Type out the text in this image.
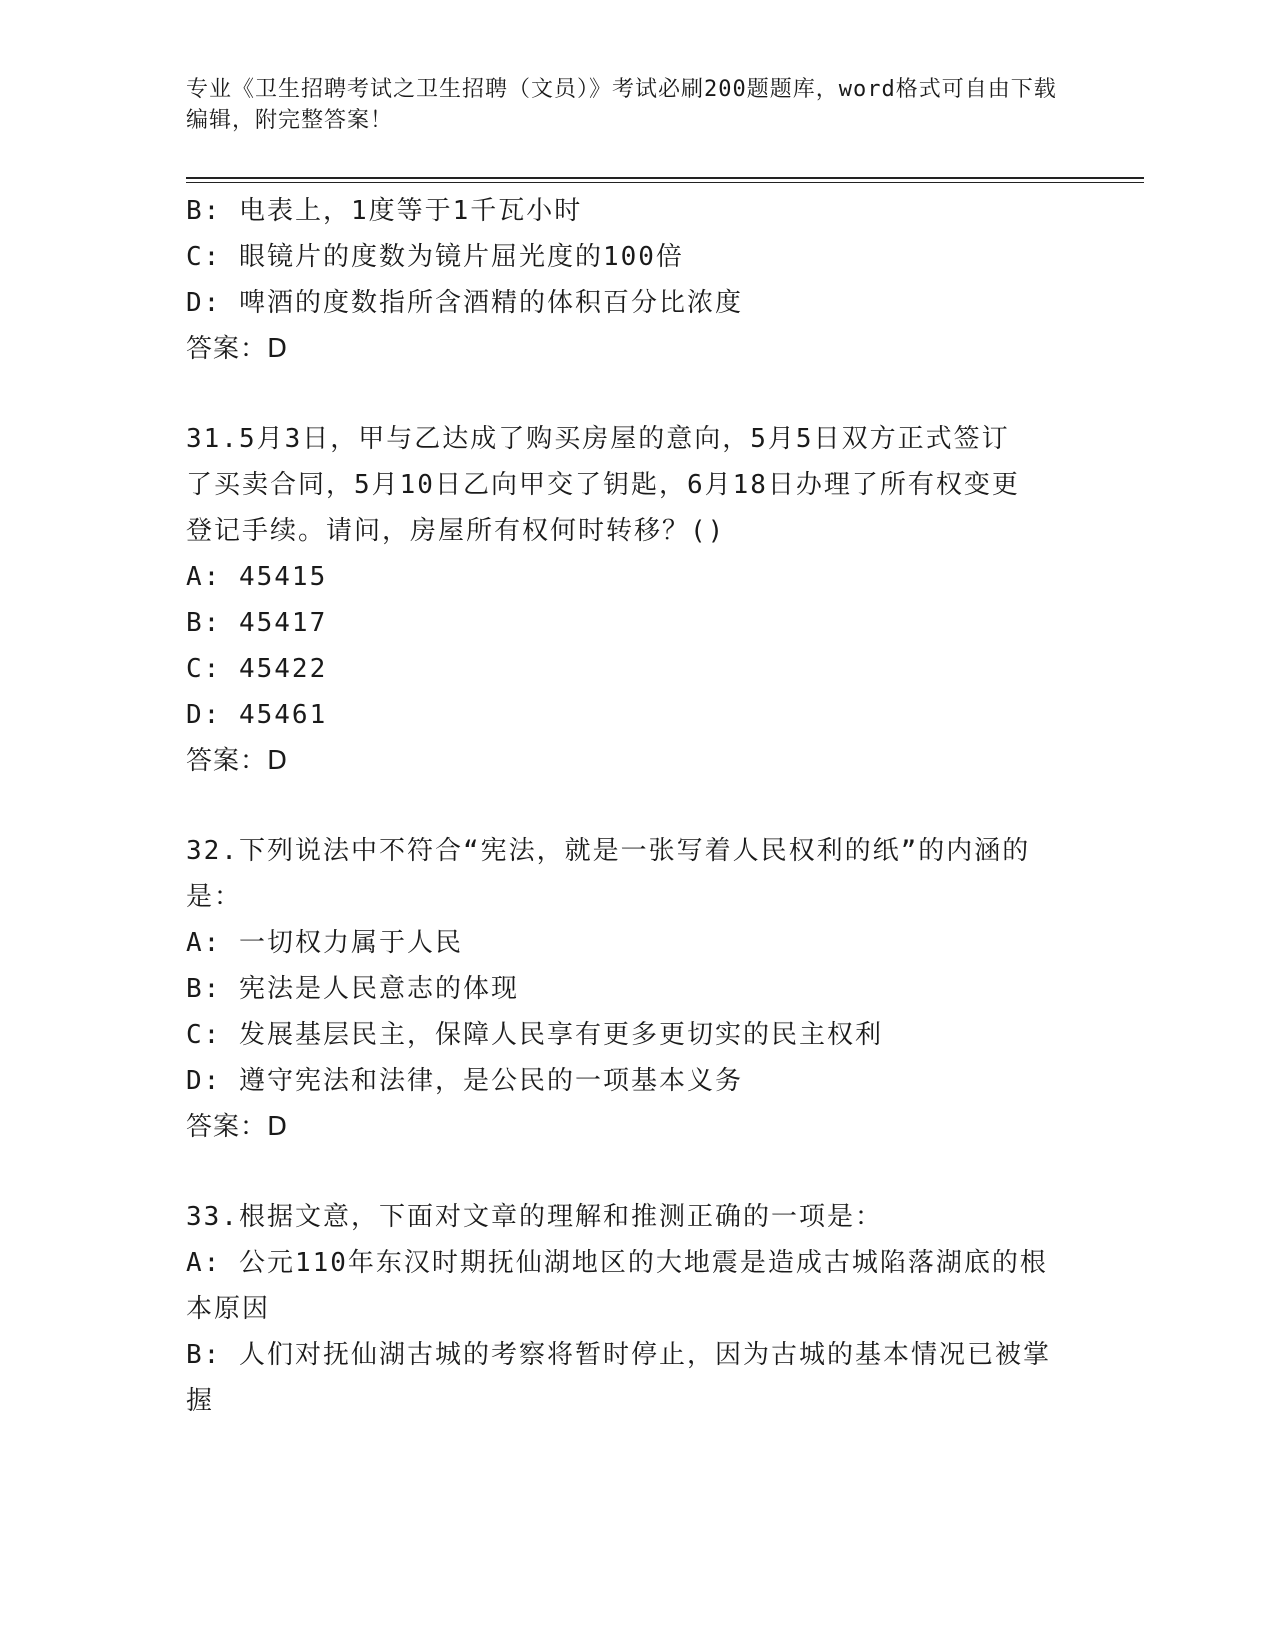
专业《卫生招聘考试之卫生招聘（文员）》考试必刷200题题库，word格式可自由下载编辑，附完整答案！

B: 电表上，1度等于1千瓦小时

C: 眼镜片的度数为镜片屈光度的100倍

D: 啤酒的度数指所含酒精的体积百分比浓度

答案：D

31.5月3日，甲与乙达成了购买房屋的意向，5月5日双方正式签订

了买卖合同，5月10日乙向甲交了钥匙，6月18日办理了所有权变更

登记手续。请问，房屋所有权何时转移？()

A: 45415

B: 45417

C: 45422

D: 45461

答案：D

32.下列说法中不符合“宪法，就是一张写着人民权利的纸”的内涵的

是：

A: 一切权力属于人民

B: 宪法是人民意志的体现

C: 发展基层民主，保障人民享有更多更切实的民主权利

D: 遵守宪法和法律，是公民的一项基本义务

答案：D

33.根据文意，下面对文章的理解和推测正确的一项是：

A: 公元110年东汉时期抚仙湖地区的大地震是造成古城陷落湖底的根

本原因

B: 人们对抚仙湖古城的考察将暂时停止，因为古城的基本情况已被掌

握
